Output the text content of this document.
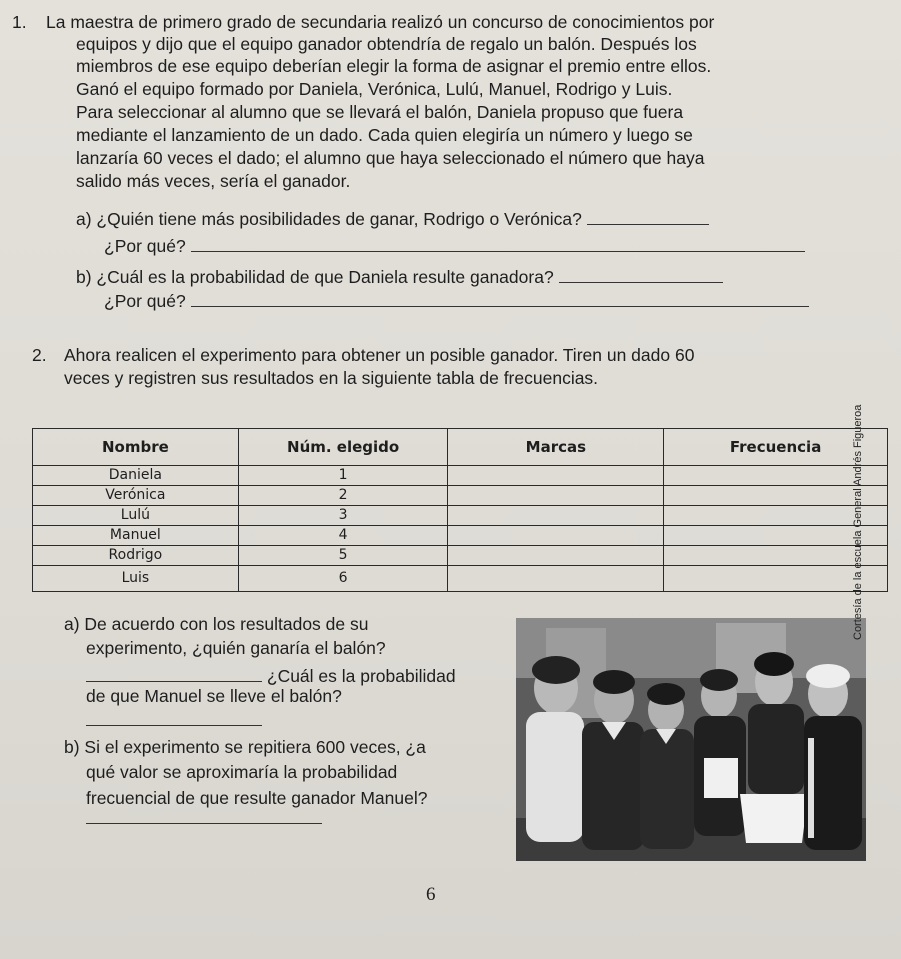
1. La maestra de primero grado de secundaria realizó un concurso de conocimientos por
equipos y dijo que el equipo ganador obtendría de regalo un balón. Después los
miembros de ese equipo deberían elegir la forma de asignar el premio entre ellos.
Ganó el equipo formado por Daniela, Verónica, Lulú, Manuel, Rodrigo y Luis.
Para seleccionar al alumno que se llevará el balón, Daniela propuso que fuera
mediante el lanzamiento de un dado. Cada quien elegiría un número y luego se
lanzaría 60 veces el dado; el alumno que haya seleccionado el número que haya
salido más veces, sería el ganador.
a) ¿Quién tiene más posibilidades de ganar, Rodrigo o Verónica?
¿Por qué?
b) ¿Cuál es la probabilidad de que Daniela resulte ganadora?
¿Por qué?
2. Ahora realicen el experimento para obtener un posible ganador. Tiren un dado 60
veces y registren sus resultados en la siguiente tabla de frecuencias.
Nombre	Núm. elegido	Marcas	Frecuencia
Daniela	1		
Verónica	2		
Lulú	3		
Manuel	4		
Rodrigo	5		
Luis	6		
a) De acuerdo con los resultados de su
experimento, ¿quién ganaría el balón?
¿Cuál es la probabilidad
de que Manuel se lleve el balón?
b) Si el experimento se repitiera 600 veces, ¿a
qué valor se aproximaría la probabilidad
frecuencial de que resulte ganador Manuel?
Cortesía de la escuela General Andrés Figueroa
6
